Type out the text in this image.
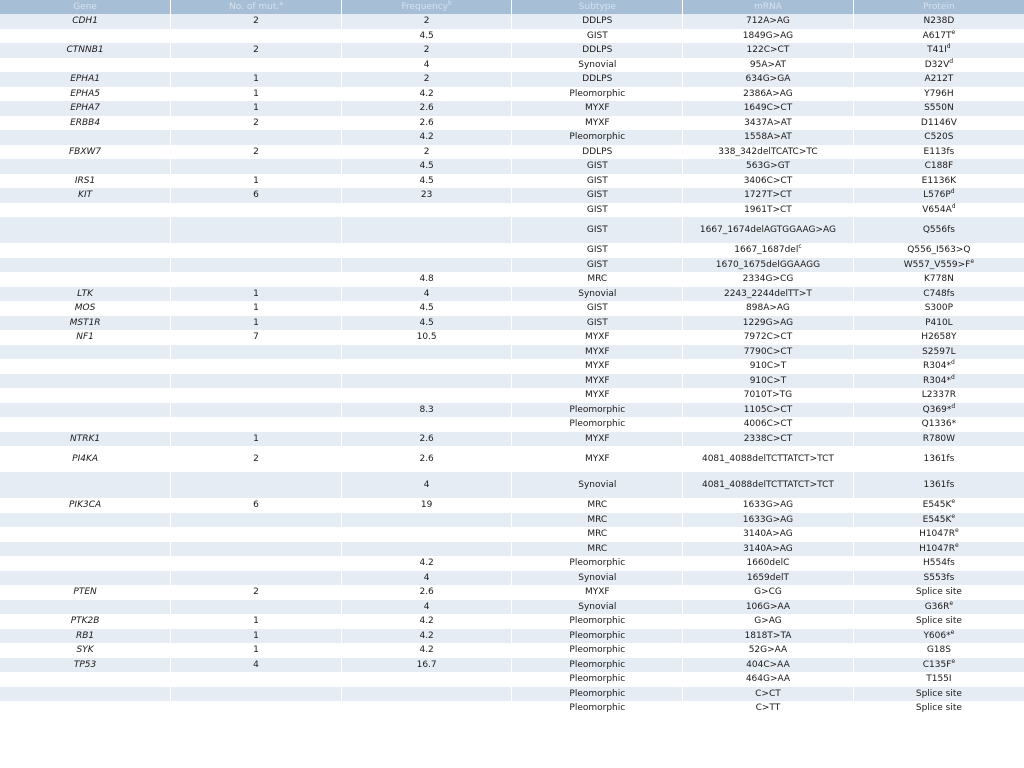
Gene	No. of mut.$^a$	Frequency$^b$	Subtype	mRNA	Protein
CDH1	2	2	DDLPS	712A>AG	N238D
		4.5	GIST	1849G>AG	$A617T^e$
CTNNB1	2	2	DDLPS	122C>CT	$T41I^d$
		4	Synovial	95A>AT	$D32V^d$
EPHA1	1	2	DDLPS	634G>GA	A212T
EPHA5	1	4.2	Pleomorphic	2386A>AG	Y796H
EPHA7	1	2.6	MYXF	1649C>CT	S550N
ERBB4	2	2.6	MYXF	3437A>AT	D1146V
		4.2	Pleomorphic	1558A>AT	C520S
FBXW7	2	2	DDLPS	338_342delTCATC>TC	E113fs
		4.5	GIST	563G>GT	C188F
IRS1	1	4.5	GIST	3406C>CT	E1136K
KIT	6	23	GIST	1727T>CT	$L576P^d$
			GIST	1961T>CT	$V654A^d$
			GIST	1667_1674delAGTGGAAG>AG	Q556fs
			GIST	1667_1687del$^c$	Q556_I563>Q
			GIST	1670_1675delGGAAGG	$W557\_V559>F^e$
		4.8	MRC	2334G>CG	K778N
LTK	1	4	Synovial	2243_2244delTT>T	C748fs
MOS	1	4.5	GIST	898A>AG	S300P
MST1R	1	4.5	GIST	1229G>AG	P410L
NF1	7	10.5	MYXF	7972C>CT	H2658Y
			MYXF	7790C>CT	S2597L
			MYXF	910C>T	R304*$^d$
			MYXF	910C>T	R304*$^d$
			MYXF	7010T>TG	L2337R
		8.3	Pleomorphic	1105C>CT	Q369*$^d$
			Pleomorphic	4006C>CT	Q1336*
NTRK1	1	2.6	MYXF	2338C>CT	R780W
PI4KA	2	2.6	MYXF	4081_4088delTCTTATCT>TCT	1361fs
		4	Synovial	4081_4088delTCTTATCT>TCT	1361fs
PIK3CA	6	19	MRC	1633G>AG	$E545K^e$
			MRC	1633G>AG	$E545K^e$
			MRC	3140A>AG	$H1047R^e$
			MRC	3140A>AG	$H1047R^e$
		4.2	Pleomorphic	1660delC	H554fs
		4	Synovial	1659delT	S553fs
PTEN	2	2.6	MYXF	G>CG	Splice site
		4	Synovial	106G>AA	$G36R^e$
PTK2B	1	4.2	Pleomorphic	G>AG	Splice site
RB1	1	4.2	Pleomorphic	1818T>TA	Y606*$^e$
SYK	1	4.2	Pleomorphic	52G>AA	G18S
TP53	4	16.7	Pleomorphic	404C>AA	$C135F^e$
			Pleomorphic	464G>AA	T155I
			Pleomorphic	C>CT	Splice site
			Pleomorphic	C>TT	Splice site
